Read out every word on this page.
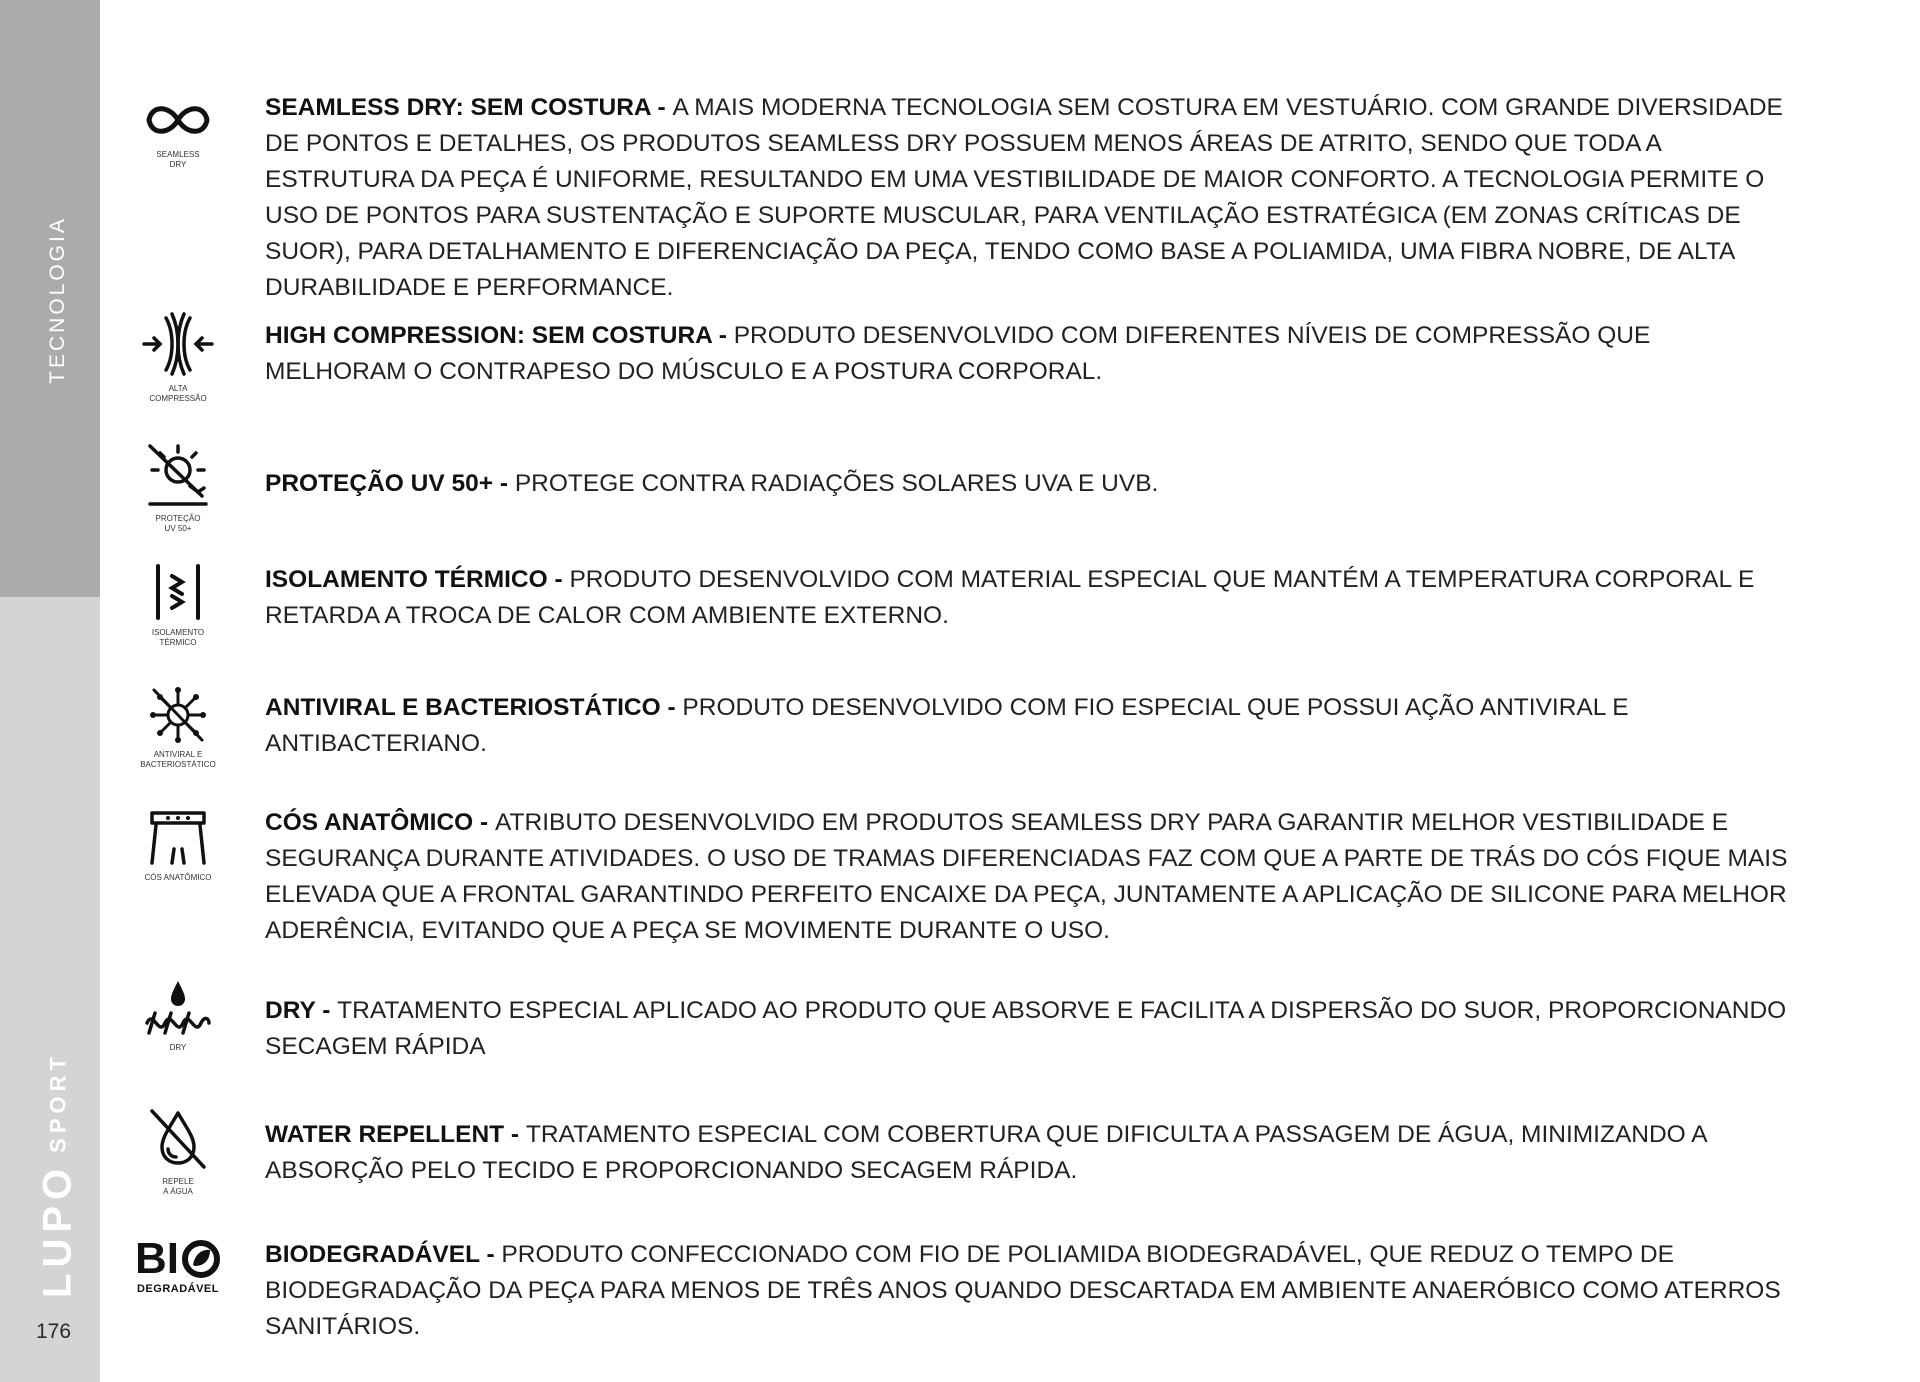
TECNOLOGIA
LUPO
SPORT
176
SEAMLESS
DRY
SEAMLESS DRY: SEM COSTURA - A MAIS MODERNA TECNOLOGIA SEM COSTURA EM VESTUÁRIO. COM GRANDE DIVERSIDADE DE PONTOS E DETALHES, OS PRODUTOS SEAMLESS DRY POSSUEM MENOS ÁREAS DE ATRITO, SENDO QUE TODA A ESTRUTURA DA PEÇA É UNIFORME, RESULTANDO EM UMA VESTIBILIDADE DE MAIOR CONFORTO. A TECNOLOGIA PERMITE O USO DE PONTOS PARA SUSTENTAÇÃO E SUPORTE MUSCULAR, PARA VENTILAÇÃO ESTRATÉGICA (EM ZONAS CRÍTICAS DE SUOR), PARA DETALHAMENTO E DIFERENCIAÇÃO DA PEÇA, TENDO COMO BASE A POLIAMIDA, UMA FIBRA NOBRE, DE ALTA DURABILIDADE E PERFORMANCE.
ALTA
COMPRESSÃO
HIGH COMPRESSION: SEM COSTURA - PRODUTO DESENVOLVIDO COM DIFERENTES NÍVEIS DE COMPRESSÃO QUE MELHORAM O CONTRAPESO DO MÚSCULO E A POSTURA CORPORAL.
PROTEÇÃO
UV 50+
PROTEÇÃO UV 50+ - PROTEGE CONTRA RADIAÇÕES SOLARES UVA E UVB.
ISOLAMENTO
TÉRMICO
ISOLAMENTO TÉRMICO - PRODUTO DESENVOLVIDO COM MATERIAL ESPECIAL QUE MANTÉM A TEMPERATURA CORPORAL E RETARDA A TROCA DE CALOR COM AMBIENTE EXTERNO.
ANTIVIRAL E
BACTERIOSTÁTICO
ANTIVIRAL E BACTERIOSTÁTICO - PRODUTO DESENVOLVIDO COM FIO ESPECIAL QUE POSSUI AÇÃO ANTIVIRAL E ANTIBACTERIANO.
CÓS ANATÔMICO
CÓS ANATÔMICO - ATRIBUTO DESENVOLVIDO EM PRODUTOS SEAMLESS DRY PARA GARANTIR MELHOR VESTIBILIDADE E SEGURANÇA DURANTE ATIVIDADES. O USO DE TRAMAS DIFERENCIADAS FAZ COM QUE A PARTE DE TRÁS DO CÓS FIQUE MAIS ELEVADA QUE A FRONTAL GARANTINDO PERFEITO ENCAIXE DA PEÇA, JUNTAMENTE A APLICAÇÃO DE SILICONE PARA MELHOR ADERÊNCIA, EVITANDO QUE A PEÇA SE MOVIMENTE DURANTE O USO.
DRY
DRY - TRATAMENTO ESPECIAL APLICADO AO PRODUTO QUE ABSORVE E FACILITA A DISPERSÃO DO SUOR, PROPORCIONANDO SECAGEM RÁPIDA
REPELE
A ÁGUA
WATER REPELLENT - TRATAMENTO ESPECIAL COM COBERTURA QUE DIFICULTA A PASSAGEM DE ÁGUA, MINIMIZANDO A ABSORÇÃO PELO TECIDO E PROPORCIONANDO SECAGEM RÁPIDA.
BI
DEGRADÁVEL
BIODEGRADÁVEL - PRODUTO CONFECCIONADO COM FIO DE POLIAMIDA BIODEGRADÁVEL, QUE REDUZ O TEMPO DE BIODEGRADAÇÃO DA PEÇA PARA MENOS DE TRÊS ANOS QUANDO DESCARTADA EM AMBIENTE ANAERÓBICO COMO ATERROS SANITÁRIOS.
